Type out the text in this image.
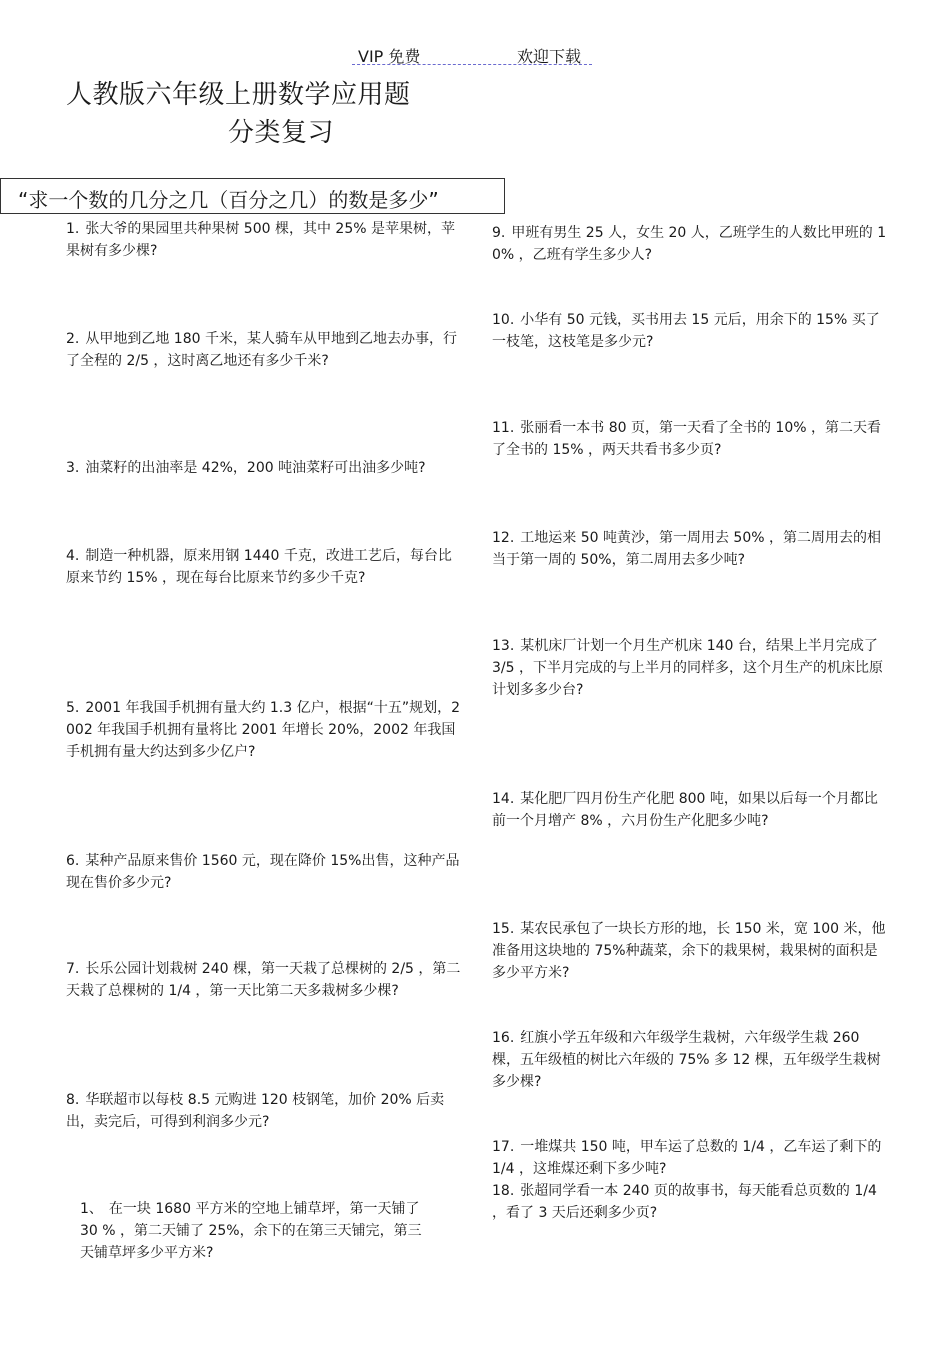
VIP 免费	欢迎下载
人教版六年级上册数学应用题
分类复习
“求一个数的几分之几（百分之几）的数是多少”
1. 张大爷的果园里共种果树 500 棵，其中 25% 是苹果树，苹果树有多少棵?
2. 从甲地到乙地 180 千米，某人骑车从甲地到乙地去办事，行了全程的 2/5 ，这时离乙地还有多少千米?
3. 油菜籽的出油率是 42%，200 吨油菜籽可出油多少吨?
4. 制造一种机器，原来用钢 1440 千克，改进工艺后，每台比原来节约 15% ，现在每台比原来节约多少千克?
5. 2001 年我国手机拥有量大约 1.3 亿户，根据“十五”规划，2002 年我国手机拥有量将比 2001 年增长 20%，2002 年我国手机拥有量大约达到多少亿户?
6. 某种产品原来售价 1560 元，现在降价 15%出售，这种产品现在售价多少元?
7. 长乐公园计划栽树 240 棵，第一天栽了总棵树的 2/5 ，第二天栽了总棵树的 1/4 ，第一天比第二天多栽树多少棵?
8. 华联超市以每枝 8.5 元购进 120 枝钢笔，加价 20% 后卖出，卖完后，可得到利润多少元?
1、 在一块 1680 平方米的空地上铺草坪，第一天铺了 30 % ，第二天铺了 25%，余下的在第三天铺完，第三天铺草坪多少平方米?
9. 甲班有男生 25 人，女生 20 人，乙班学生的人数比甲班的 10% ，乙班有学生多少人?
10. 小华有 50 元钱，买书用去 15 元后，用余下的 15% 买了一枝笔，这枝笔是多少元?
11. 张丽看一本书 80 页，第一天看了全书的 10% ，第二天看了全书的 15% ，两天共看书多少页?
12. 工地运来 50 吨黄沙，第一周用去 50% ，第二周用去的相当于第一周的 50%，第二周用去多少吨?
13. 某机床厂计划一个月生产机床 140 台，结果上半月完成了 3/5 ，下半月完成的与上半月的同样多，这个月生产的机床比原计划多多少台?
14. 某化肥厂四月份生产化肥 800 吨，如果以后每一个月都比前一个月增产 8% ，六月份生产化肥多少吨?
15. 某农民承包了一块长方形的地，长 150 米，宽 100 米，他准备用这块地的 75%种蔬菜，余下的栽果树，栽果树的面积是多少平方米?
16. 红旗小学五年级和六年级学生栽树，六年级学生栽 260 棵，五年级植的树比六年级的 75% 多 12 棵，五年级学生栽树多少棵?
17. 一堆煤共 150 吨，甲车运了总数的 1/4 ，乙车运了剩下的 1/4 ，这堆煤还剩下多少吨?
18. 张超同学看一本 240 页的故事书，每天能看总页数的 1/4 ，看了 3 天后还剩多少页?
